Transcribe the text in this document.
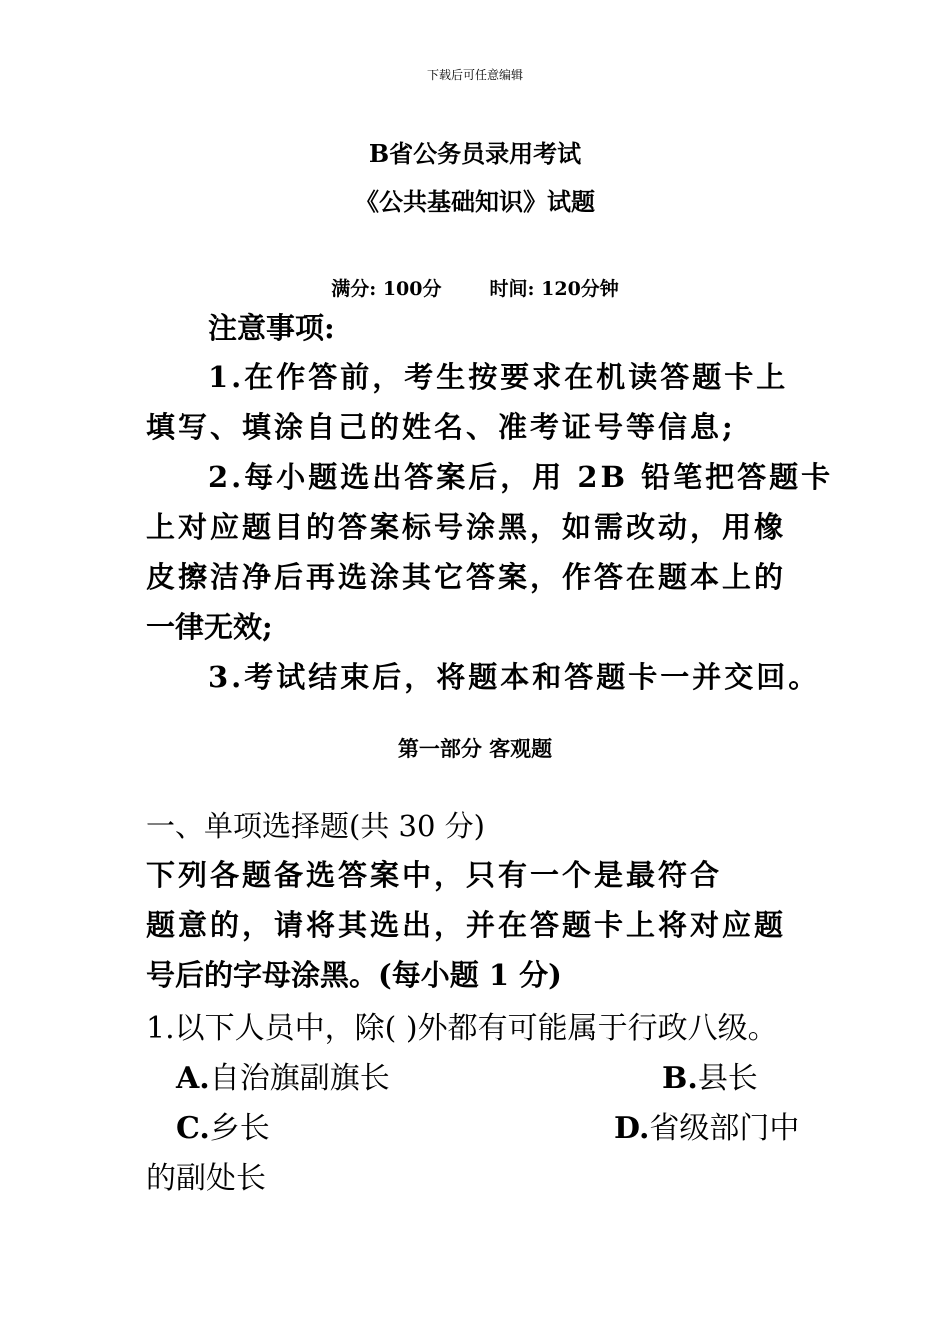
下载后可任意编辑
B省公务员录用考试
《公共基础知识》试题
满分: 100分	时间: 120分钟
注意事项:
1.在作答前，考生按要求在机读答题卡上
填写、填涂自己的姓名、准考证号等信息;
2.每小题选出答案后，用 2B 铅笔把答题卡
上对应题目的答案标号涂黑，如需改动，用橡
皮擦洁净后再选涂其它答案，作答在题本上的
一律无效;
3.考试结束后，将题本和答题卡一并交回。
第一部分 客观题
一、单项选择题(共 30 分)
下列各题备选答案中，只有一个是最符合
题意的，请将其选出，并在答题卡上将对应题
号后的字母涂黑。(每小题 1 分)
1.以下人员中，除( )外都有可能属于行政八级。
A.自治旗副旗长	B.县长
C.乡长	D.省级部门中
的副处长
